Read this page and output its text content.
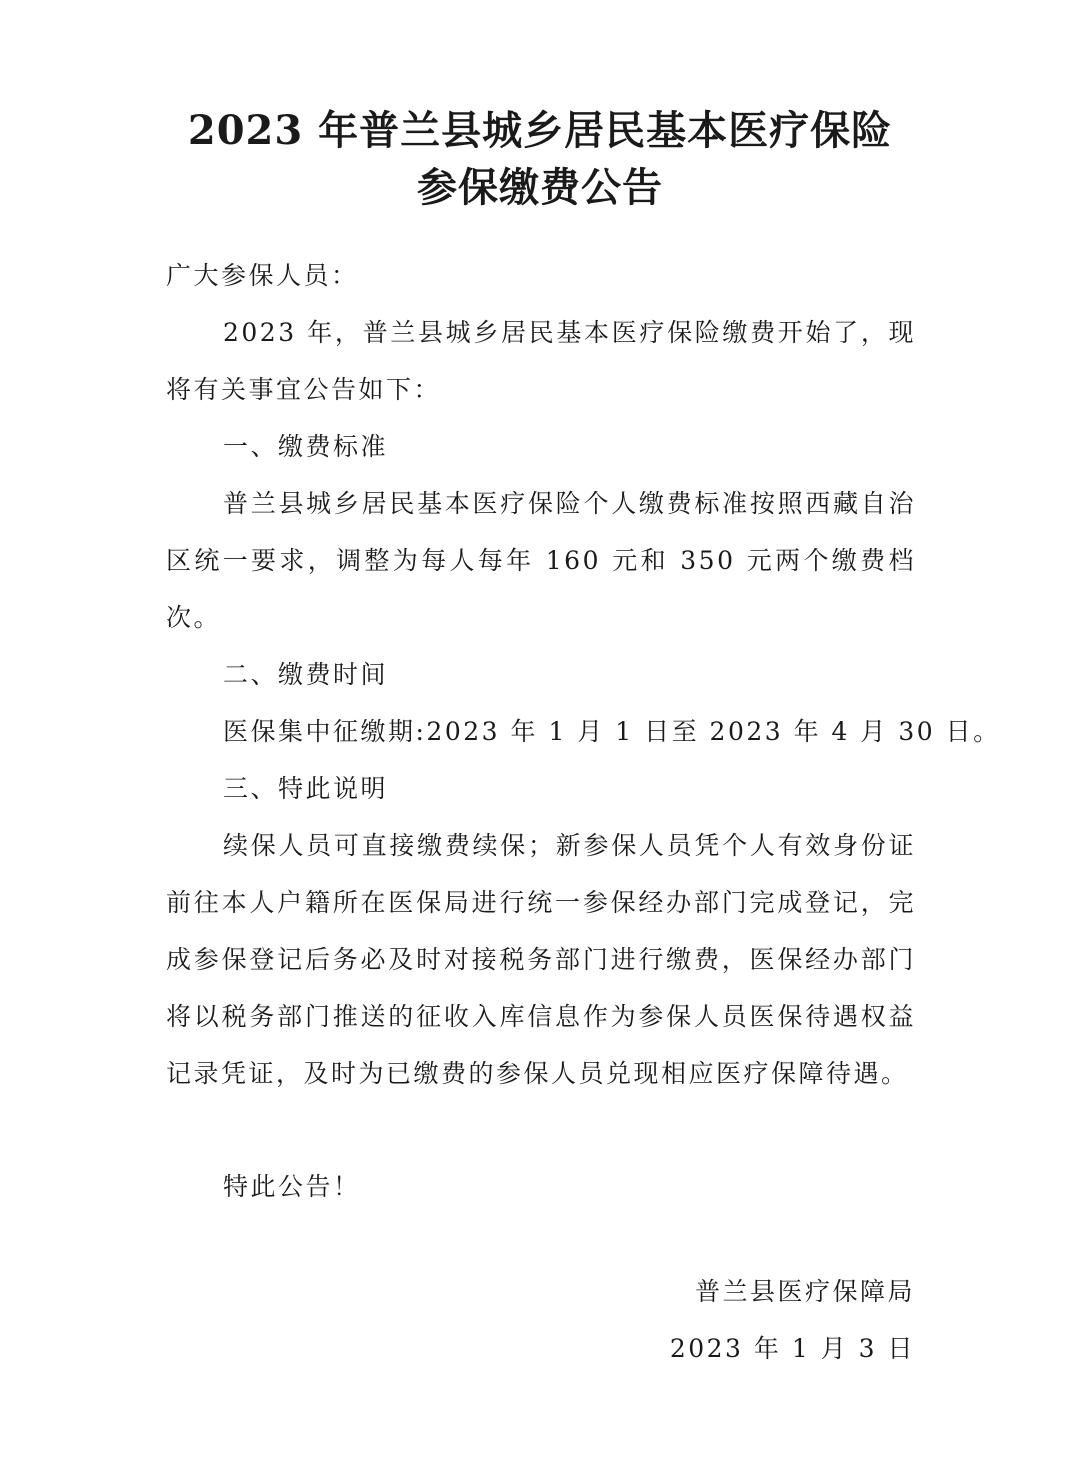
2023 年普兰县城乡居民基本医疗保险
参保缴费公告
广大参保人员：

2023 年，普兰县城乡居民基本医疗保险缴费开始了，现将有关事宜公告如下：

一、缴费标准

普兰县城乡居民基本医疗保险个人缴费标准按照西藏自治区统一要求，调整为每人每年 160 元和 350 元两个缴费档次。

二、缴费时间
医保集中征缴期:2023 年 1 月 1 日至 2023 年 4 月 30 日。
三、特此说明

续保人员可直接缴费续保；新参保人员凭个人有效身份证前往本人户籍所在医保局进行统一参保经办部门完成登记，完成参保登记后务必及时对接税务部门进行缴费，医保经办部门将以税务部门推送的征收入库信息作为参保人员医保待遇权益记录凭证，及时为已缴费的参保人员兑现相应医疗保障待遇。

特此公告！
普兰县医疗保障局
2023 年 1 月 3 日
